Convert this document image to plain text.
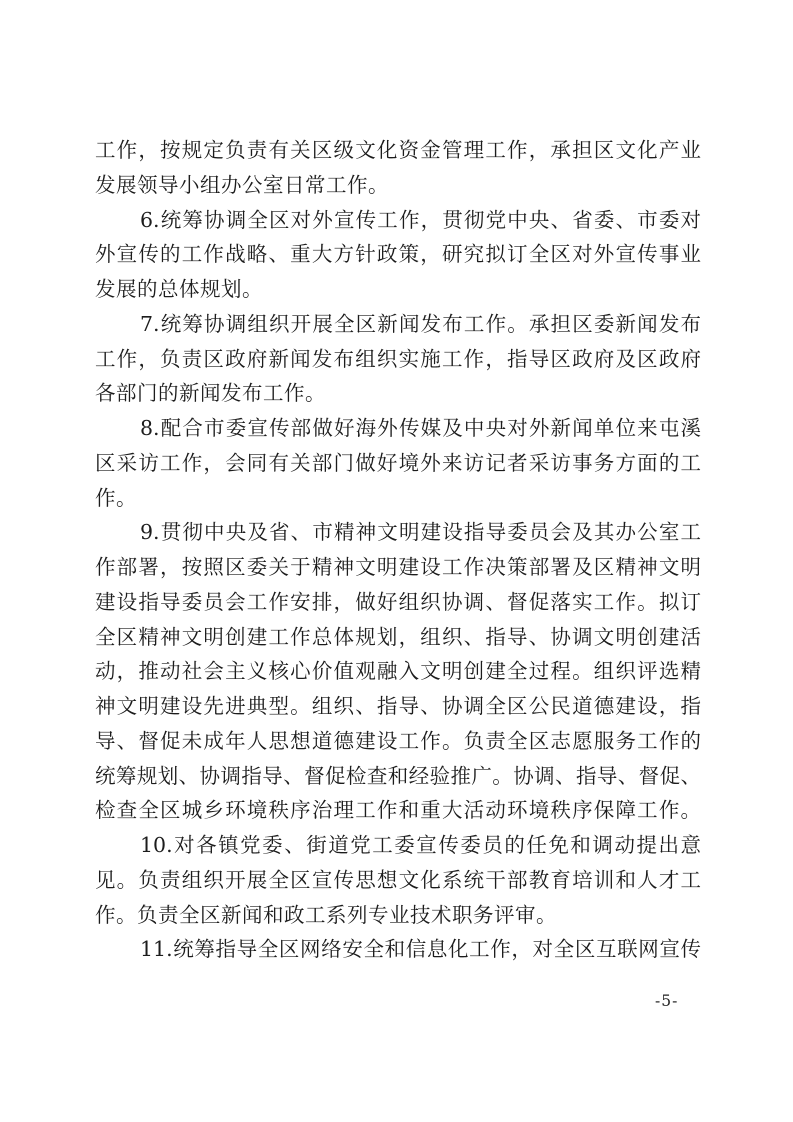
工作，按规定负责有关区级文化资金管理工作，承担区文化产业
发展领导小组办公室日常工作。
6.统筹协调全区对外宣传工作，贯彻党中央、省委、市委对
外宣传的工作战略、重大方针政策，研究拟订全区对外宣传事业
发展的总体规划。
7.统筹协调组织开展全区新闻发布工作。承担区委新闻发布
工作，负责区政府新闻发布组织实施工作，指导区政府及区政府
各部门的新闻发布工作。
8.配合市委宣传部做好海外传媒及中央对外新闻单位来屯溪
区采访工作，会同有关部门做好境外来访记者采访事务方面的工
作。
9.贯彻中央及省、市精神文明建设指导委员会及其办公室工
作部署，按照区委关于精神文明建设工作决策部署及区精神文明
建设指导委员会工作安排，做好组织协调、督促落实工作。拟订
全区精神文明创建工作总体规划，组织、指导、协调文明创建活
动，推动社会主义核心价值观融入文明创建全过程。组织评选精
神文明建设先进典型。组织、指导、协调全区公民道德建设，指
导、督促未成年人思想道德建设工作。负责全区志愿服务工作的
统筹规划、协调指导、督促检查和经验推广。协调、指导、督促、
检查全区城乡环境秩序治理工作和重大活动环境秩序保障工作。
10.对各镇党委、街道党工委宣传委员的任免和调动提出意
见。负责组织开展全区宣传思想文化系统干部教育培训和人才工
作。负责全区新闻和政工系列专业技术职务评审。
11.统筹指导全区网络安全和信息化工作，对全区互联网宣传
-5-
